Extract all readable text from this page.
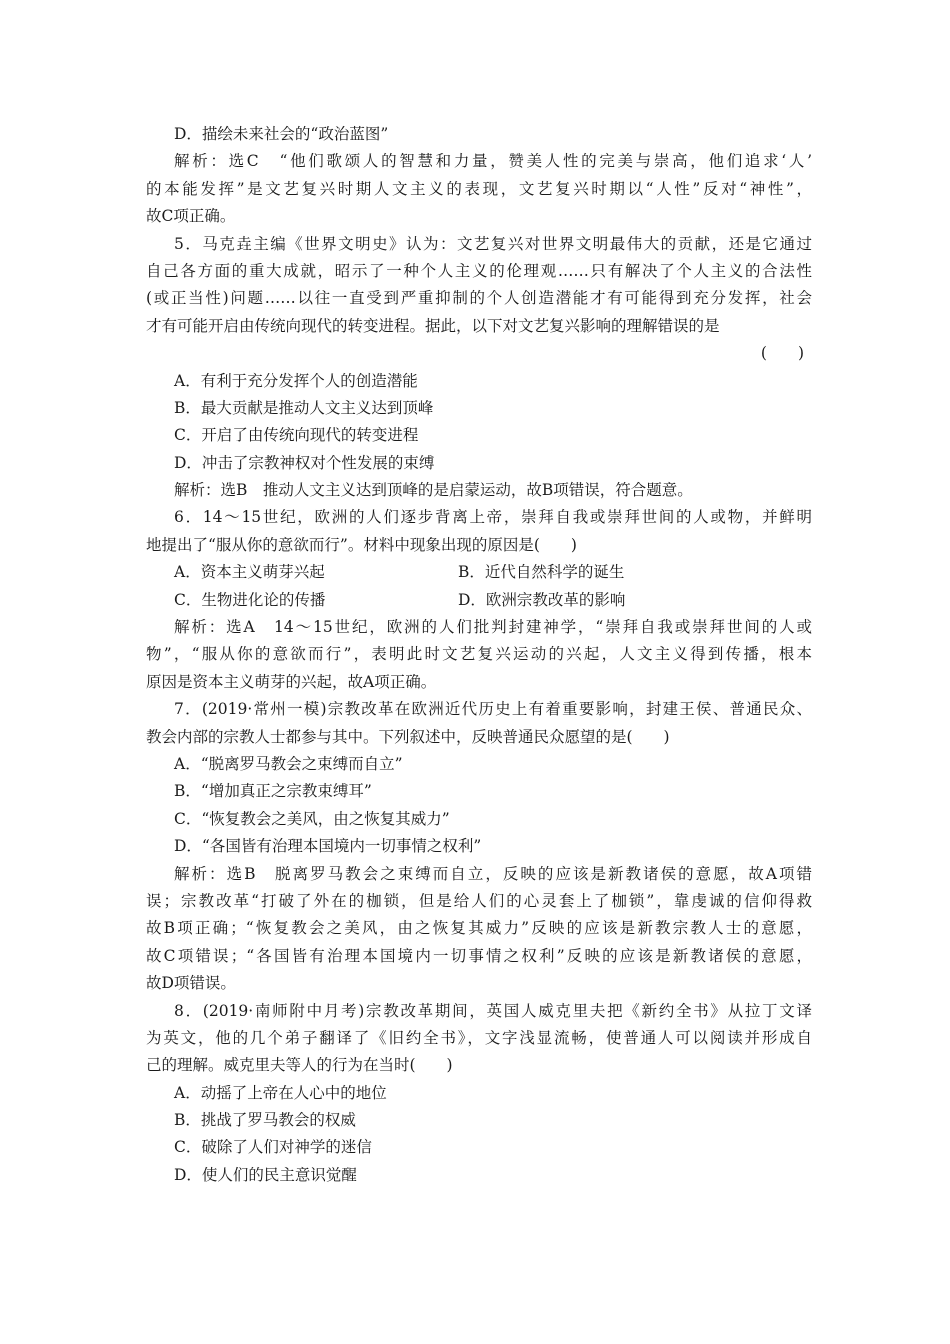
D．描绘未来社会的“政治蓝图”
解析：选C　“他们歌颂人的智慧和力量，赞美人性的完美与崇高，他们追求‘人’
的本能发挥”是文艺复兴时期人文主义的表现，文艺复兴时期以“人性”反对“神性”，
故C项正确。
5．马克垚主编《世界文明史》认为：文艺复兴对世界文明最伟大的贡献，还是它通过
自己各方面的重大成就，昭示了一种个人主义的伦理观……只有解决了个人主义的合法性
(或正当性)问题……以往一直受到严重抑制的个人创造潜能才有可能得到充分发挥，社会
才有可能开启由传统向现代的转变进程。据此，以下对文艺复兴影响的理解错误的是
(　　)
A．有利于充分发挥个人的创造潜能
B．最大贡献是推动人文主义达到顶峰
C．开启了由传统向现代的转变进程
D．冲击了宗教神权对个性发展的束缚
解析：选B　推动人文主义达到顶峰的是启蒙运动，故B项错误，符合题意。
6．14～15世纪，欧洲的人们逐步背离上帝，崇拜自我或崇拜世间的人或物，并鲜明
地提出了“服从你的意欲而行”。材料中现象出现的原因是(　　)
A．资本主义萌芽兴起	B．近代自然科学的诞生
C．生物进化论的传播	D．欧洲宗教改革的影响
解析：选A　14～15世纪，欧洲的人们批判封建神学，“崇拜自我或崇拜世间的人或
物”，“服从你的意欲而行”，表明此时文艺复兴运动的兴起，人文主义得到传播，根本
原因是资本主义萌芽的兴起，故A项正确。
7．(2019·常州一模)宗教改革在欧洲近代历史上有着重要影响，封建王侯、普通民众、
教会内部的宗教人士都参与其中。下列叙述中，反映普通民众愿望的是(　　)
A．“脱离罗马教会之束缚而自立”
B．“增加真正之宗教束缚耳”
C．“恢复教会之美风，由之恢复其威力”
D．“各国皆有治理本国境内一切事情之权利”
解析：选B　脱离罗马教会之束缚而自立，反映的应该是新教诸侯的意愿，故A项错
误；宗教改革“打破了外在的枷锁，但是给人们的心灵套上了枷锁”，靠虔诚的信仰得救
故B项正确；“恢复教会之美风，由之恢复其威力”反映的应该是新教宗教人士的意愿，
故C项错误；“各国皆有治理本国境内一切事情之权利”反映的应该是新教诸侯的意愿，
故D项错误。
8．(2019·南师附中月考)宗教改革期间，英国人威克里夫把《新约全书》从拉丁文译
为英文，他的几个弟子翻译了《旧约全书》，文字浅显流畅，使普通人可以阅读并形成自
己的理解。威克里夫等人的行为在当时(　　)
A．动摇了上帝在人心中的地位
B．挑战了罗马教会的权威
C．破除了人们对神学的迷信
D．使人们的民主意识觉醒
